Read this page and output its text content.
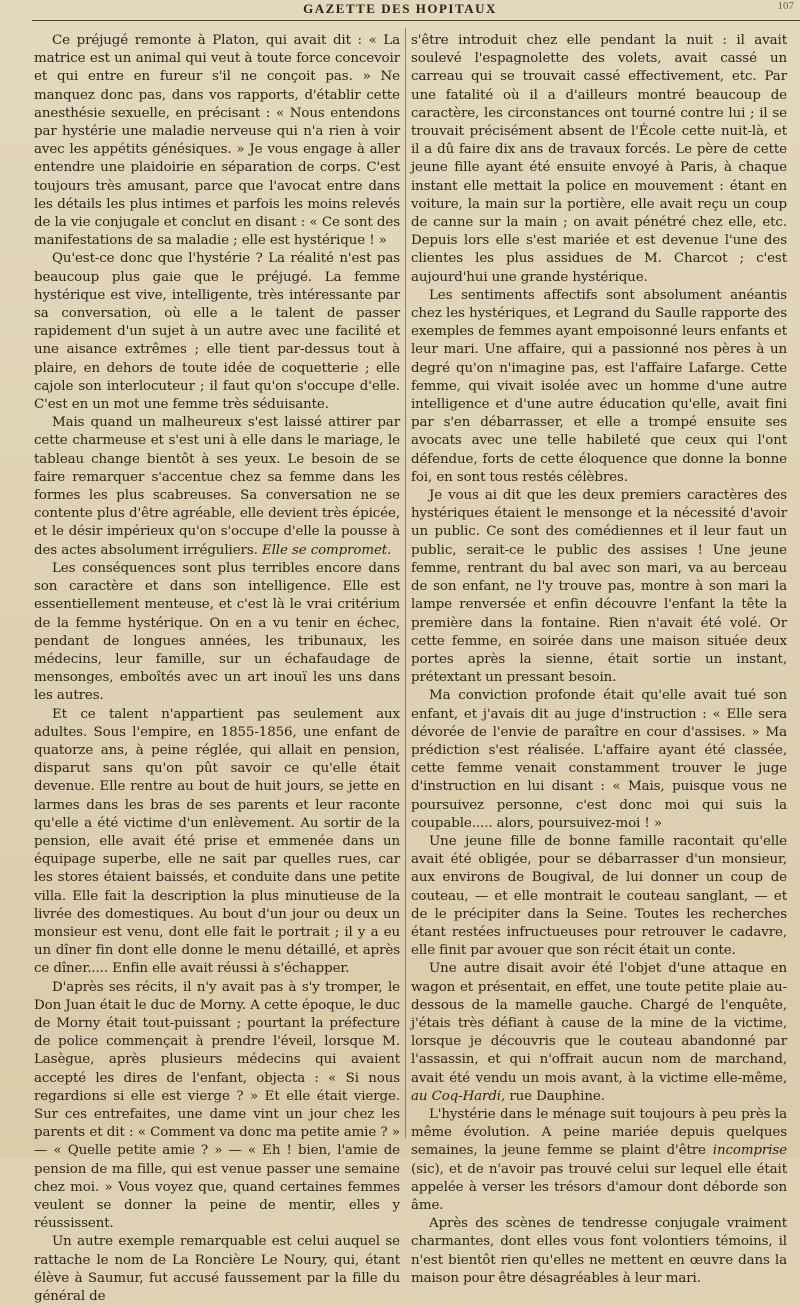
GAZETTE DES HOPITAUX	107

Ce préjugé remonte à Platon, qui avait dit : « La matrice est un animal qui veut à toute force concevoir et qui entre en fureur s'il ne conçoit pas. » Ne manquez donc pas, dans vos rapports, d'établir cette anesthésie sexuelle, en précisant : « Nous entendons par hystérie une maladie nerveuse qui n'a rien à voir avec les appétits génésiques. » Je vous engage à aller entendre une plaidoirie en séparation de corps. C'est toujours très amusant, parce que l'avocat entre dans les détails les plus intimes et parfois les moins relevés de la vie conjugale et conclut en disant : « Ce sont des manifestations de sa maladie ; elle est hystérique ! »

Qu'est-ce donc que l'hystérie ? La réalité n'est pas beaucoup plus gaie que le préjugé. La femme hystérique est vive, intelligente, très intéressante par sa conversation, où elle a le talent de passer rapidement d'un sujet à un autre avec une facilité et une aisance extrêmes ; elle tient par-dessus tout à plaire, en dehors de toute idée de coquetterie ; elle cajole son interlocuteur ; il faut qu'on s'occupe d'elle. C'est en un mot une femme très séduisante.

Mais quand un malheureux s'est laissé attirer par cette charmeuse et s'est uni à elle dans le mariage, le tableau change bientôt à ses yeux. Le besoin de se faire remarquer s'accentue chez sa femme dans les formes les plus scabreuses. Sa conversation ne se contente plus d'être agréable, elle devient très épicée, et le désir impérieux qu'on s'occupe d'elle la pousse à des actes absolument irréguliers. Elle se compromet.

Les conséquences sont plus terribles encore dans son caractère et dans son intelligence. Elle est essentiellement menteuse, et c'est là le vrai critérium de la femme hystérique. On en a vu tenir en échec, pendant de longues années, les tribunaux, les médecins, leur famille, sur un échafaudage de mensonges, emboîtés avec un art inouï les uns dans les autres.

Et ce talent n'appartient pas seulement aux adultes. Sous l'empire, en 1855-1856, une enfant de quatorze ans, à peine réglée, qui allait en pension, disparut sans qu'on pût savoir ce qu'elle était devenue. Elle rentre au bout de huit jours, se jette en larmes dans les bras de ses parents et leur raconte qu'elle a été victime d'un enlèvement. Au sortir de la pension, elle avait été prise et emmenée dans un équipage superbe, elle ne sait par quelles rues, car les stores étaient baissés, et conduite dans une petite villa. Elle fait la description la plus minutieuse de la livrée des domestiques. Au bout d'un jour ou deux un monsieur est venu, dont elle fait le portrait ; il y a eu un dîner fin dont elle donne le menu détaillé, et après ce dîner..... Enfin elle avait réussi à s'échapper.

D'après ses récits, il n'y avait pas à s'y tromper, le Don Juan était le duc de Morny. A cette époque, le duc de Morny était tout-puissant ; pourtant la préfecture de police commençait à prendre l'éveil, lorsque M. Lasègue, après plusieurs médecins qui avaient accepté les dires de l'enfant, objecta : « Si nous regardions si elle est vierge ? » Et elle était vierge. Sur ces entrefaites, une dame vint un jour chez les parents et dit : « Comment va donc ma petite amie ? » — « Quelle petite amie ? » — « Eh ! bien, l'amie de pension de ma fille, qui est venue passer une semaine chez moi. » Vous voyez que, quand certaines femmes veulent se donner la peine de mentir, elles y réussissent.

Un autre exemple remarquable est celui auquel se rattache le nom de La Roncière Le Noury, qui, étant élève à Saumur, fut accusé faussement par la fille du général de

s'être introduit chez elle pendant la nuit : il avait soulevé l'espagnolette des volets, avait cassé un carreau qui se trouvait cassé effectivement, etc. Par une fatalité où il a d'ailleurs montré beaucoup de caractère, les circonstances ont tourné contre lui ; il se trouvait précisément absent de l'École cette nuit-là, et il a dû faire dix ans de travaux forcés. Le père de cette jeune fille ayant été ensuite envoyé à Paris, à chaque instant elle mettait la police en mouvement : étant en voiture, la main sur la portière, elle avait reçu un coup de canne sur la main ; on avait pénétré chez elle, etc. Depuis lors elle s'est mariée et est devenue l'une des clientes les plus assidues de M. Charcot ; c'est aujourd'hui une grande hystérique.

Les sentiments affectifs sont absolument anéantis chez les hystériques, et Legrand du Saulle rapporte des exemples de femmes ayant empoisonné leurs enfants et leur mari. Une affaire, qui a passionné nos pères à un degré qu'on n'imagine pas, est l'affaire Lafarge. Cette femme, qui vivait isolée avec un homme d'une autre intelligence et d'une autre éducation qu'elle, avait fini par s'en débarrasser, et elle a trompé ensuite ses avocats avec une telle habileté que ceux qui l'ont défendue, forts de cette éloquence que donne la bonne foi, en sont tous restés célèbres.

Je vous ai dit que les deux premiers caractères des hystériques étaient le mensonge et la nécessité d'avoir un public. Ce sont des comédiennes et il leur faut un public, serait-ce le public des assises ! Une jeune femme, rentrant du bal avec son mari, va au berceau de son enfant, ne l'y trouve pas, montre à son mari la lampe renversée et enfin découvre l'enfant la tête la première dans la fontaine. Rien n'avait été volé. Or cette femme, en soirée dans une maison située deux portes après la sienne, était sortie un instant, prétextant un pressant besoin.

Ma conviction profonde était qu'elle avait tué son enfant, et j'avais dit au juge d'instruction : « Elle sera dévorée de l'envie de paraître en cour d'assises. » Ma prédiction s'est réalisée. L'affaire ayant été classée, cette femme venait constamment trouver le juge d'instruction en lui disant : « Mais, puisque vous ne poursuivez personne, c'est donc moi qui suis la coupable..... alors, poursuivez-moi ! »

Une jeune fille de bonne famille racontait qu'elle avait été obligée, pour se débarrasser d'un monsieur, aux environs de Bougival, de lui donner un coup de couteau, — et elle montrait le couteau sanglant, — et de le précipiter dans la Seine. Toutes les recherches étant restées infructueuses pour retrouver le cadavre, elle finit par avouer que son récit était un conte.

Une autre disait avoir été l'objet d'une attaque en wagon et présentait, en effet, une toute petite plaie au-dessous de la mamelle gauche. Chargé de l'enquête, j'étais très défiant à cause de la mine de la victime, lorsque je découvris que le couteau abandonné par l'assassin, et qui n'offrait aucun nom de marchand, avait été vendu un mois avant, à la victime elle-même, au Coq-Hardi, rue Dauphine.

L'hystérie dans le ménage suit toujours à peu près la même évolution. A peine mariée depuis quelques semaines, la jeune femme se plaint d'être incomprise (sic), et de n'avoir pas trouvé celui sur lequel elle était appelée à verser les trésors d'amour dont déborde son âme.

Après des scènes de tendresse conjugale vraiment charmantes, dont elles vous font volontiers témoins, il n'est bientôt rien qu'elles ne mettent en œuvre dans la maison pour être désagréables à leur mari.
